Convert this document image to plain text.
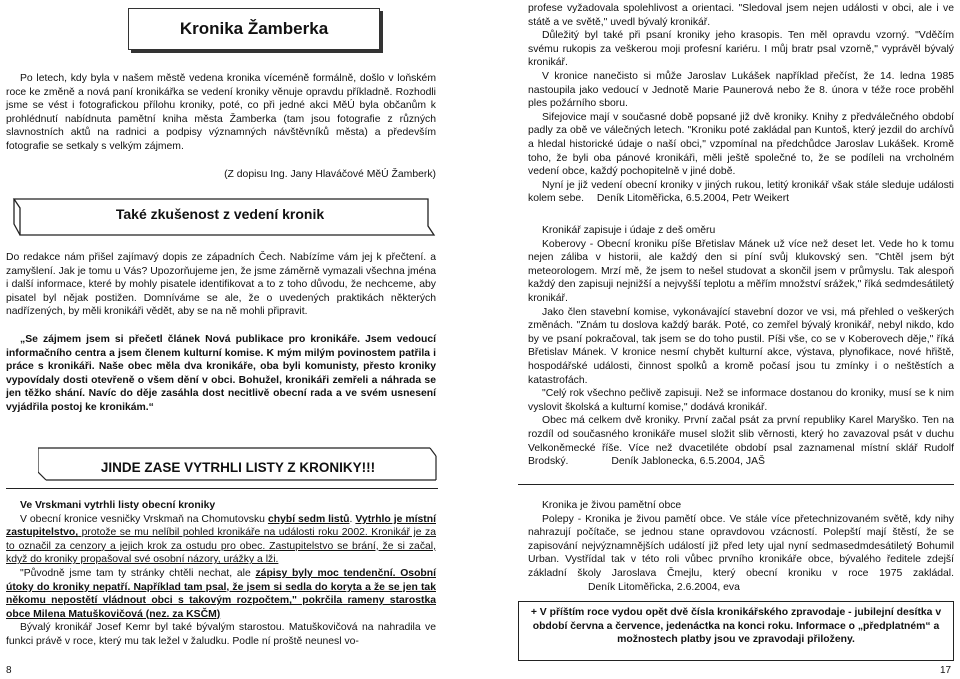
Kronika Žamberka

Po letech, kdy byla v našem městě vedena kronika víceméně formálně, došlo v loňském roce ke změně a nová paní kronikářka se vedení kroniky věnuje opravdu příkladně. Rozhodli jsme se vést i fotografickou přílohu kroniky, poté, co při jedné akci MěÚ byla občanům k prohlédnutí nabídnuta pamětní kniha města Žamberka (tam jsou fotografie z různých slavnostních aktů na radnici a podpisy významných návštěvníků města) a především fotografie se setkaly s velkým zájmem.

(Z dopisu Ing. Jany Hlaváčové MěÚ Žamberk)

Také zkušenost z vedení kronik

Do redakce nám přišel zajímavý dopis ze západních Čech. Nabízíme vám jej k přečtení. a zamyšlení. Jak je tomu u Vás? Upozorňujeme jen, že jsme záměrně vymazali všechna jména i další informace, které by mohly pisatele identifikovat a to z toho důvodu, že nechceme, aby pisatel byl nějak postižen. Domníváme se ale, že o uvedených praktikách některých nadřízených, by měli kronikáři vědět, aby se na ně mohli připravit.

„Se zájmem jsem si přečetl článek Nová publikace pro kronikáře. Jsem vedoucí informačního centra a jsem členem kulturní komise. K mým milým povinostem patřila i práce s kronikáři. Naše obec měla dva kronikáře, oba byli komunisty, přesto kroniky vypovídaly dosti otevřeně o všem dění v obci. Bohužel, kronikáři zemřeli a náhrada se jen těžko shání. Navíc do děje zasáhla dost necitlivě obecní rada a ve svém usnesení vyjádřila postoj ke kronikám.“

JINDE ZASE VYTRHLI LISTY Z KRONIKY!!!

Ve Vrskmani vytrhli listy obecní kroniky

V obecní kronice vesničky Vrskmaň na Chomutovsku chybí sedm listů. Vytrhlo je místní zastupitelstvo, protože se mu nelíbil pohled kronikáře na události roku 2002. Kronikář je za to označil za cenzory a jejich krok za ostudu pro obec. Zastupitelstvo se brání, že si začal, když do kroniky propašoval své osobní názory, urážky a lži.

"Původně jsme tam ty stránky chtěli nechat, ale zápisy byly moc tendenční. Osobní útoky do kroniky nepatří. Například tam psal, že jsem si sedla do koryta a že se jen tak někomu nepostětí vládnout obci s takovým rozpočtem," pokrčila rameny starostka obce Milena Matuškovičová (nez. za KSČM)

Bývalý kronikář Josef Kemr byl také bývalým starostou. Matuškovičová na nahradila ve funkci právě v roce, který mu tak ležel v žaludku. Podle ní proště neunesl vo-

profese vyžadovala spolehlivost a orientaci. "Sledoval jsem nejen události v obci, ale i ve státě a ve světě," uvedl bývalý kronikář.

Důležitý byl také při psaní kroniky jeho krasopis. Ten měl opravdu vzorný. "Vděčím svému rukopis za veškerou moji profesní kariéru. I můj bratr psal vzorně," vyprávěl bývalý kronikář.

V kronice nanečisto si může Jaroslav Lukášek například přečíst, že 14. ledna 1985 nastoupila jako vedoucí v Jednotě Marie Paunerová nebo že 8. února v téže roce proběhl ples požárního sboru.

Sifejovice mají v současné době popsané již dvě kroniky. Knihy z předválečného období padly za obě ve válečných letech. "Kroniku poté zakládal pan Kuntoš, který jezdil do archívů a hledal historické údaje o naší obci," vzpomínal na předchůdce Jaroslav Lukášek. Kromě toho, že byli oba pánové kronikáři, měli ještě společné to, že se podíleli na vrcholném vedení obce, každý pochopitelně v jiné době.

Nyní je již vedení obecní kroniky v jiných rukou, letitý kronikář však stále sleduje události kolem sebe. Deník Litoměřicka, 6.5.2004, Petr Weikert

Kronikář zapisuje i údaje z deš oměru

Koberovy - Obecní kroniku píše Břetislav Mánek už více než deset let. Vede ho k tomu nejen záliba v historii, ale každý den si píní svůj klukovský sen. "Chtěl jsem být meteorologem. Mrzí mě, že jsem to nešel studovat a skončil jsem v průmyslu. Tak alespoň každý den zapisuji nejnižší a nejvyšší teplotu a měřím množství srážek," říká sedmdesátiletý kronikář.

Jako člen stavební komise, vykonávající stavební dozor ve vsi, má přehled o veškerých změnách. "Znám tu doslova každý barák. Poté, co zemřel bývalý kronikář, nebyl nikdo, kdo by ve psaní pokračoval, tak jsem se do toho pustil. Píši vše, co se v Koberovech děje," říká Břetislav Mánek. V kronice nesmí chybět kulturní akce, výstava, plynofikace, nové hřiště, hospodářské události, činnost spolků a kromě počasí jsou tu zmínky i o neštěstích a katastrofách.

"Celý rok všechno pečlivě zapisuji. Než se informace dostanou do kroniky, musí se k nim vyslovit školská a kulturní komise," dodává kronikář.

Obec má celkem dvě kroniky. První začal psát za první republiky Karel Maryško. Ten na rozdíl od současného kronikáře musel složit slib věrnosti, který ho zavazoval psát v duchu Velkoněmecké říše. Více než dvacetiléte období psal zaznamenal místní sklář Rudolf Brodský.	Deník Jablonecka, 6.5.2004, JAŠ

Kronika je živou pamětní obce

Polepy - Kronika je živou pamětí obce. Ve stále více přetechnizovaném světě, kdy nihy nahrazují počítače, se jednou stane opravdovou vzácností. Polepští mají štěstí, že se zapisování nejvýznamnějších událostí již před lety ujal nyní sedmasedmdesátiletý Bohumil Urban. Vystřídal tak v této roli vůbec prvního kronikáře obce, bývalého ředitele zdejší základní školy Jaroslava Čmejlu, který obecní kroniku v roce 1975 zakládal. Deník Litoměřicka, 2.6.2004, eva

+ V příštím roce vydou opět dvě čísla kronikářského zpravodaje - jubilejní desítka v období června a července, jedenáctka na konci roku. Informace o „předplatném“ a možnostech platby jsou ve zpravodaji přiloženy.
8	17
